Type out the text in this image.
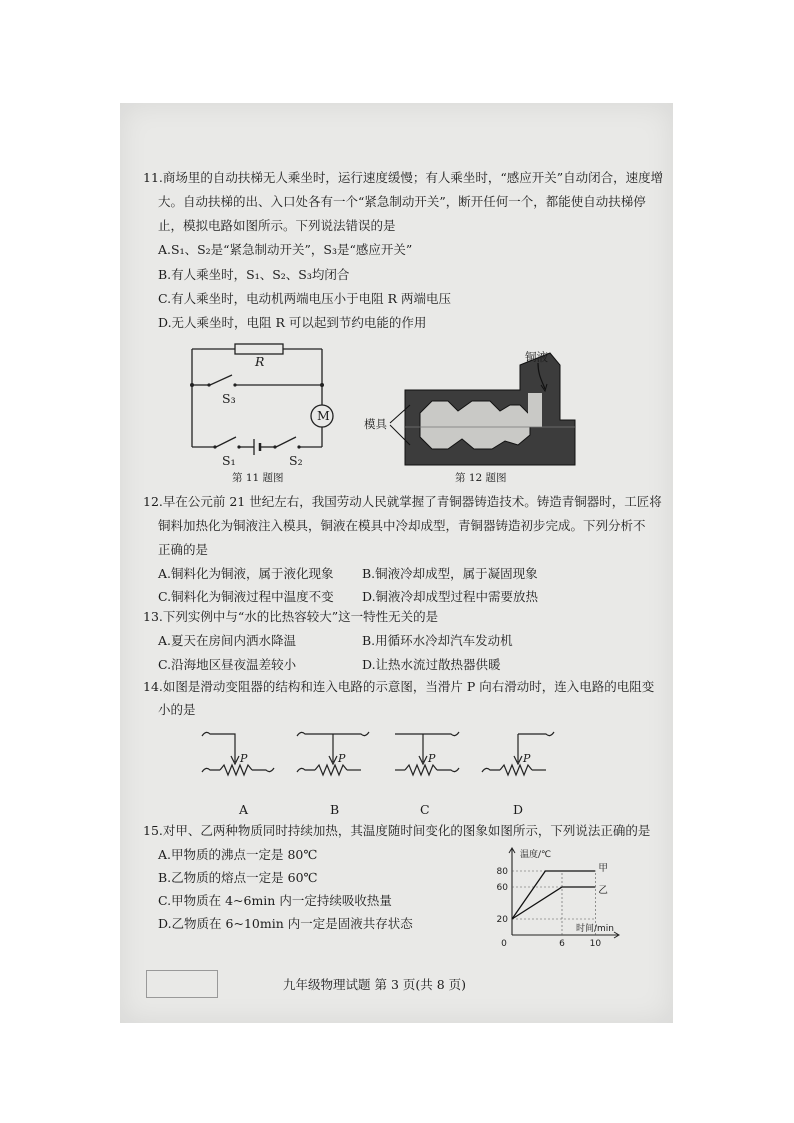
11.商场里的自动扶梯无人乘坐时，运行速度缓慢；有人乘坐时，“感应开关”自动闭合，速度增
大。自动扶梯的出、入口处各有一个“紧急制动开关”，断开任何一个，都能使自动扶梯停
止，模拟电路如图所示。下列说法错误的是
A.S₁、S₂是“紧急制动开关”，S₃是“感应开关”
B.有人乘坐时，S₁、S₂、S₃均闭合
C.有人乘坐时，电动机两端电压小于电阻 R 两端电压
D.无人乘坐时，电阻 R 可以起到节约电能的作用
R
S₃
S₁	S₂
M
第 11 题图
铜液
模具
第 12 题图
12.早在公元前 21 世纪左右，我国劳动人民就掌握了青铜器铸造技术。铸造青铜器时，工匠将
铜料加热化为铜液注入模具，铜液在模具中冷却成型，青铜器铸造初步完成。下列分析不
正确的是
A.铜料化为铜液，属于液化现象 B.铜液冷却成型，属于凝固现象
C.铜料化为铜液过程中温度不变 D.铜液冷却成型过程中需要放热
13.下列实例中与“水的比热容较大”这一特性无关的是
A.夏天在房间内洒水降温	B.用循环水冷却汽车发动机
C.沿海地区昼夜温差较小	D.让热水流过散热器供暖
14.如图是滑动变阻器的结构和连入电路的示意图，当滑片 P 向右滑动时，连入电路的电阻变
小的是
P
A
P
B
P
C
P
D
15.对甲、乙两种物质同时持续加热，其温度随时间变化的图象如图所示，下列说法正确的是
A.甲物质的沸点一定是 80℃
B.乙物质的熔点一定是 60℃
C.甲物质在 4~6min 内一定持续吸收热量
D.乙物质在 6~10min 内一定是固液共存状态
温度/℃
时间/min
20
60
80
0	6	10
甲
乙
九年级物理试题 第 3 页(共 8 页)
